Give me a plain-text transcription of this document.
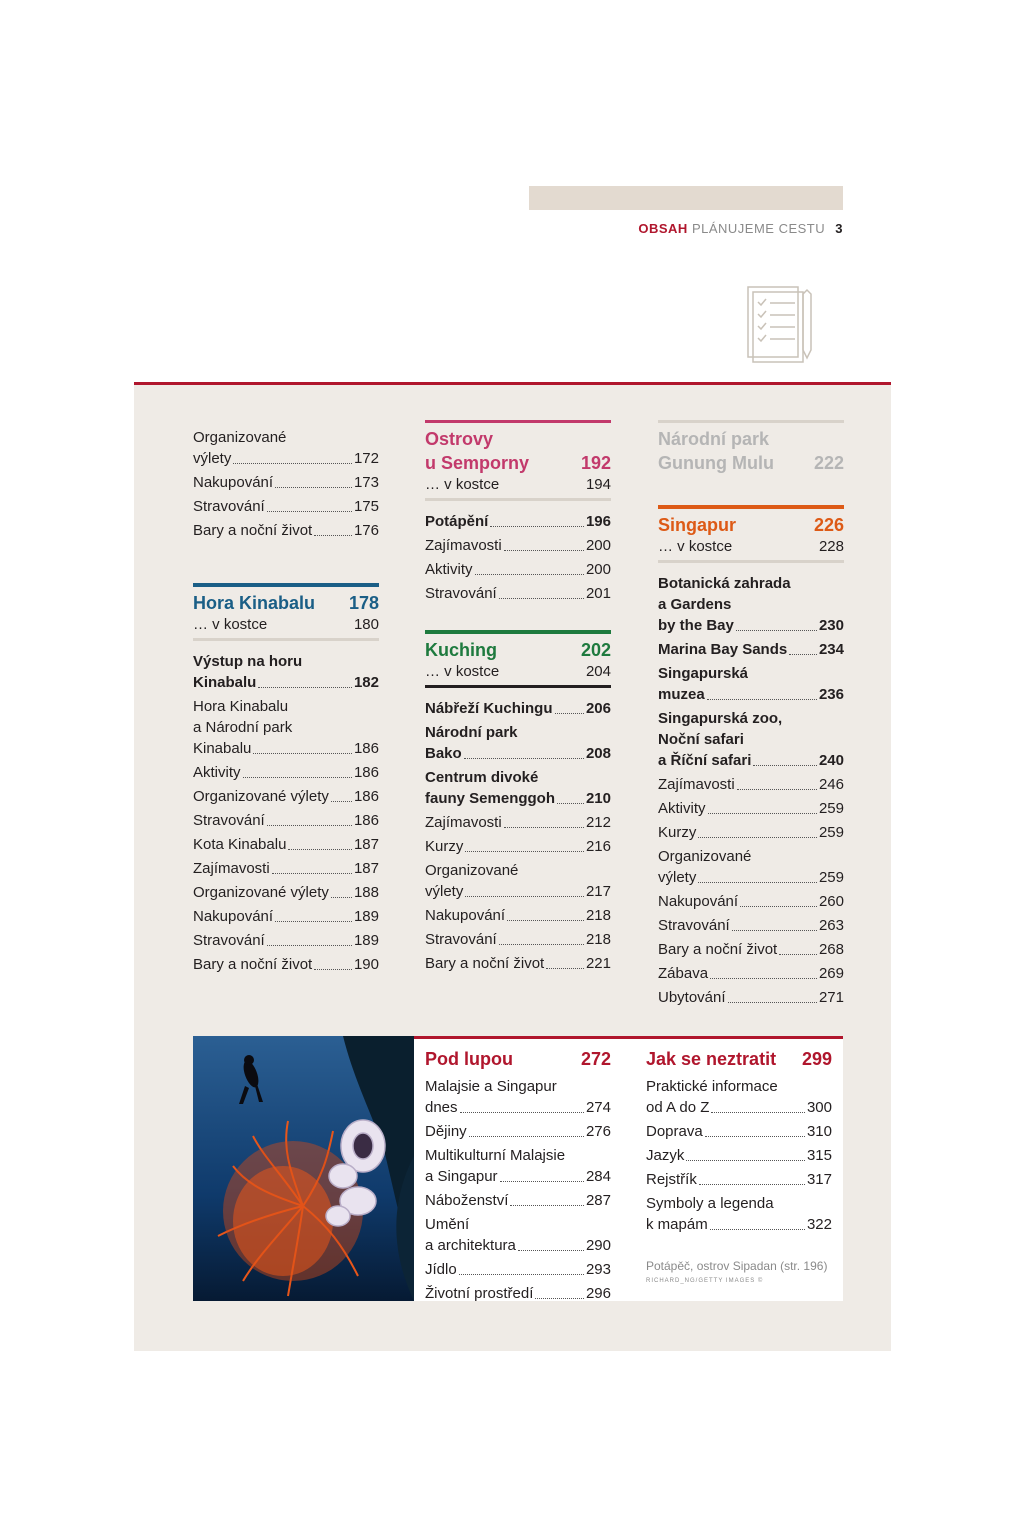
OBSAH PLÁNUJEME CESTU 3
Organizované
výlety	172
Nakupování	173
Stravování	175
Bary a noční život	176
Hora Kinabalu 178
… v kostce	180
Výstup na horu
Kinabalu	182
Hora Kinabalu
a Národní park
Kinabalu	186
Aktivity	186
Organizované výlety 186
Stravování	186
Kota Kinabalu	187
Zajímavosti	187
Organizované výlety 188
Nakupování	189
Stravování	189
Bary a noční život	190
Ostrovy
u Semporny	192
… v kostce	194
Potápění	196
Zajímavosti	200
Aktivity	200
Stravování	201
Kuching	202
… v kostce	204
Nábřeží Kuchingu 206
Národní park
Bako	208
Centrum divoké
fauny Semenggoh 210
Zajímavosti	212
Kurzy	216
Organizované
výlety	217
Nakupování	218
Stravování	218
Bary a noční život	221
Národní park
Gunung Mulu 222
Singapur	226
… v kostce	228
Botanická zahrada
a Gardens
by the Bay	230
Marina Bay Sands 234
Singapurská
muzea	236
Singapurská zoo,
Noční safari
a Říční safari	240
Zajímavosti	246
Aktivity	259
Kurzy	259
Organizované
výlety	259
Nakupování	260
Stravování	263
Bary a noční život	268
Zábava	269
Ubytování	271
Pod lupou	272
Malajsie a Singapur
dnes	274
Dějiny	276
Multikulturní Malajsie
a Singapur	284
Náboženství	287
Umění
a architektura	290
Jídlo	293
Životní prostředí	296
Jak se neztratit 299
Praktické informace
od A do Z	300
Doprava	310
Jazyk	315
Rejstřík	317
Symboly a legenda
k mapám	322
Potápěč, ostrov Sipadan (str. 196)
RICHARD_NG/GETTY IMAGES ©
